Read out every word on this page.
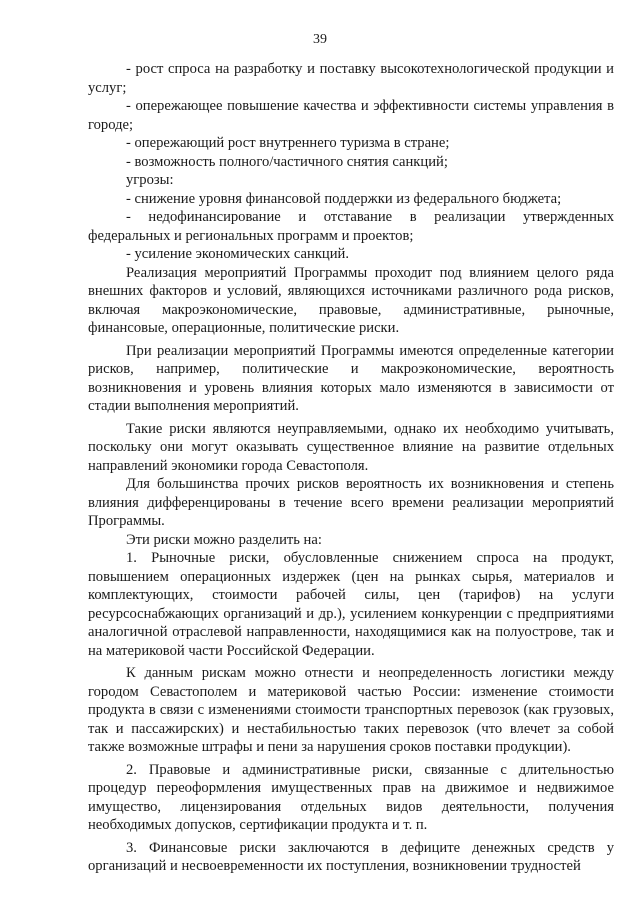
39

- рост спроса на разработку и поставку высокотехнологической продукции и услуг;

- опережающее повышение качества и эффективности системы управления в городе;

- опережающий рост внутреннего туризма в стране;

- возможность полного/частичного снятия санкций;

угрозы:

- снижение уровня финансовой поддержки из федерального бюджета;

- недофинансирование и отставание в реализации утвержденных федеральных и региональных программ и проектов;

- усиление экономических санкций.

Реализация мероприятий Программы проходит под влиянием целого ряда внешних факторов и условий, являющихся источниками различного рода рисков, включая макроэкономические, правовые, административные, рыночные, финансовые, операционные, политические риски.

При реализации мероприятий Программы имеются определенные категории рисков, например, политические и макроэкономические, вероятность возникновения и уровень влияния которых мало изменяются в зависимости от стадии выполнения мероприятий.

Такие риски являются неуправляемыми, однако их необходимо учитывать, поскольку они могут оказывать существенное влияние на развитие отдельных направлений экономики города Севастополя.

Для большинства прочих рисков вероятность их возникновения и степень влияния дифференцированы в течение всего времени реализации мероприятий Программы.

Эти риски можно разделить на:

1. Рыночные риски, обусловленные снижением спроса на продукт, повышением операционных издержек (цен на рынках сырья, материалов и комплектующих, стоимости рабочей силы, цен (тарифов) на услуги ресурсоснабжающих организаций и др.), усилением конкуренции с предприятиями аналогичной отраслевой направленности, находящимися как на полуострове, так и на материковой части Российской Федерации.

К данным рискам можно отнести и неопределенность логистики между городом Севастополем и материковой частью России: изменение стоимости продукта в связи с изменениями стоимости транспортных перевозок (как грузовых, так и пассажирских) и нестабильностью таких перевозок (что влечет за собой также возможные штрафы и пени за нарушения сроков поставки продукции).

2. Правовые и административные риски, связанные с длительностью процедур переоформления имущественных прав на движимое и недвижимое имущество, лицензирования отдельных видов деятельности, получения необходимых допусков, сертификации продукта и т. п.

3. Финансовые риски заключаются в дефиците денежных средств у организаций и несвоевременности их поступления, возникновении трудностей
